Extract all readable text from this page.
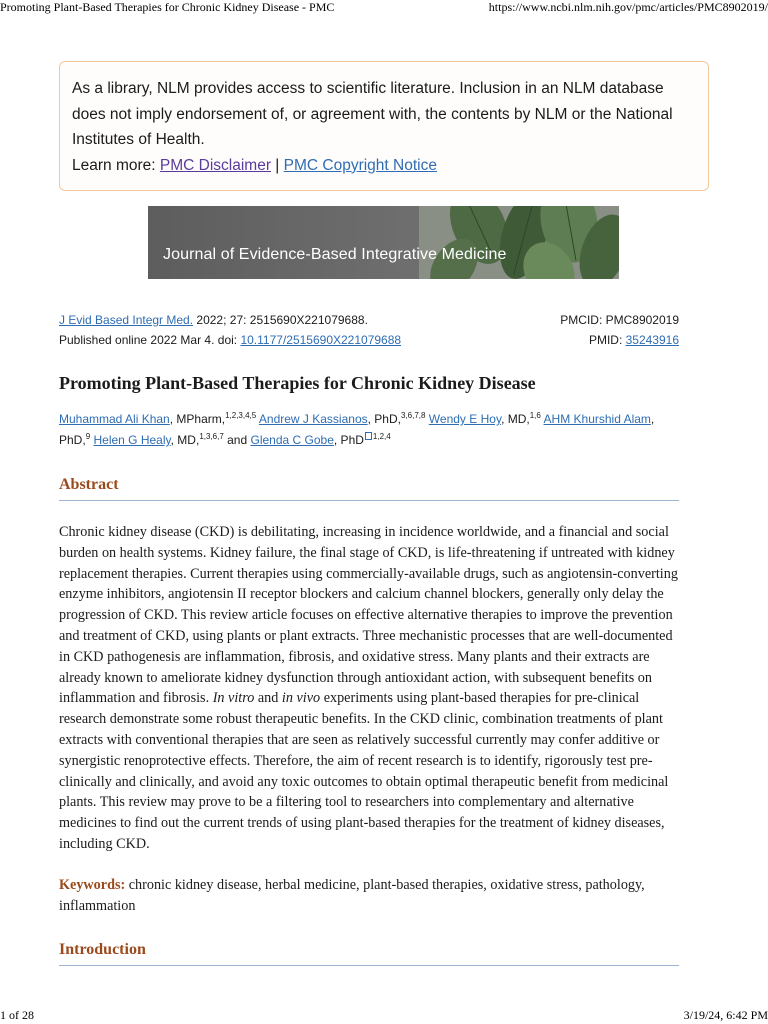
Promoting Plant-Based Therapies for Chronic Kidney Disease - PMC	https://www.ncbi.nlm.nih.gov/pmc/articles/PMC8902019/
As a library, NLM provides access to scientific literature. Inclusion in an NLM database does not imply endorsement of, or agreement with, the contents by NLM or the National Institutes of Health.
Learn more: PMC Disclaimer | PMC Copyright Notice
Journal of Evidence-Based Integrative Medicine
J Evid Based Integr Med. 2022; 27: 2515690X221079688.	PMCID: PMC8902019
Published online 2022 Mar 4. doi: 10.1177/2515690X221079688	PMID: 35243916
Promoting Plant-Based Therapies for Chronic Kidney Disease
Muhammad Ali Khan, MPharm,$^{1,2,3,4,5}$ Andrew J Kassianos, PhD,$^{3,6,7,8}$ Wendy E Hoy, MD,$^{1,6}$ AHM Khurshid Alam, PhD,$^9$ Helen G Healy, MD,$^{1,3,6,7}$ and Glenda C Gobe, PhD $^{1,2,4}$
Abstract
Chronic kidney disease (CKD) is debilitating, increasing in incidence worldwide, and a financial and social burden on health systems. Kidney failure, the final stage of CKD, is life-threatening if untreated with kidney replacement therapies. Current therapies using commercially-available drugs, such as angiotensin-converting enzyme inhibitors, angiotensin II receptor blockers and calcium channel blockers, generally only delay the progression of CKD. This review article focuses on effective alternative therapies to improve the prevention and treatment of CKD, using plants or plant extracts. Three mechanistic processes that are well-documented in CKD pathogenesis are inflammation, fibrosis, and oxidative stress. Many plants and their extracts are already known to ameliorate kidney dysfunction through antioxidant action, with subsequent benefits on inflammation and fibrosis. In vitro and in vivo experiments using plant-based therapies for pre-clinical research demonstrate some robust therapeutic benefits. In the CKD clinic, combination treatments of plant extracts with conventional therapies that are seen as relatively successful currently may confer additive or synergistic renoprotective effects. Therefore, the aim of recent research is to identify, rigorously test pre-clinically and clinically, and avoid any toxic outcomes to obtain optimal therapeutic benefit from medicinal plants. This review may prove to be a filtering tool to researchers into complementary and alternative medicines to find out the current trends of using plant-based therapies for the treatment of kidney diseases, including CKD.
Keywords: chronic kidney disease, herbal medicine, plant-based therapies, oxidative stress, pathology, inflammation
Introduction
1 of 28	3/19/24, 6:42 PM
